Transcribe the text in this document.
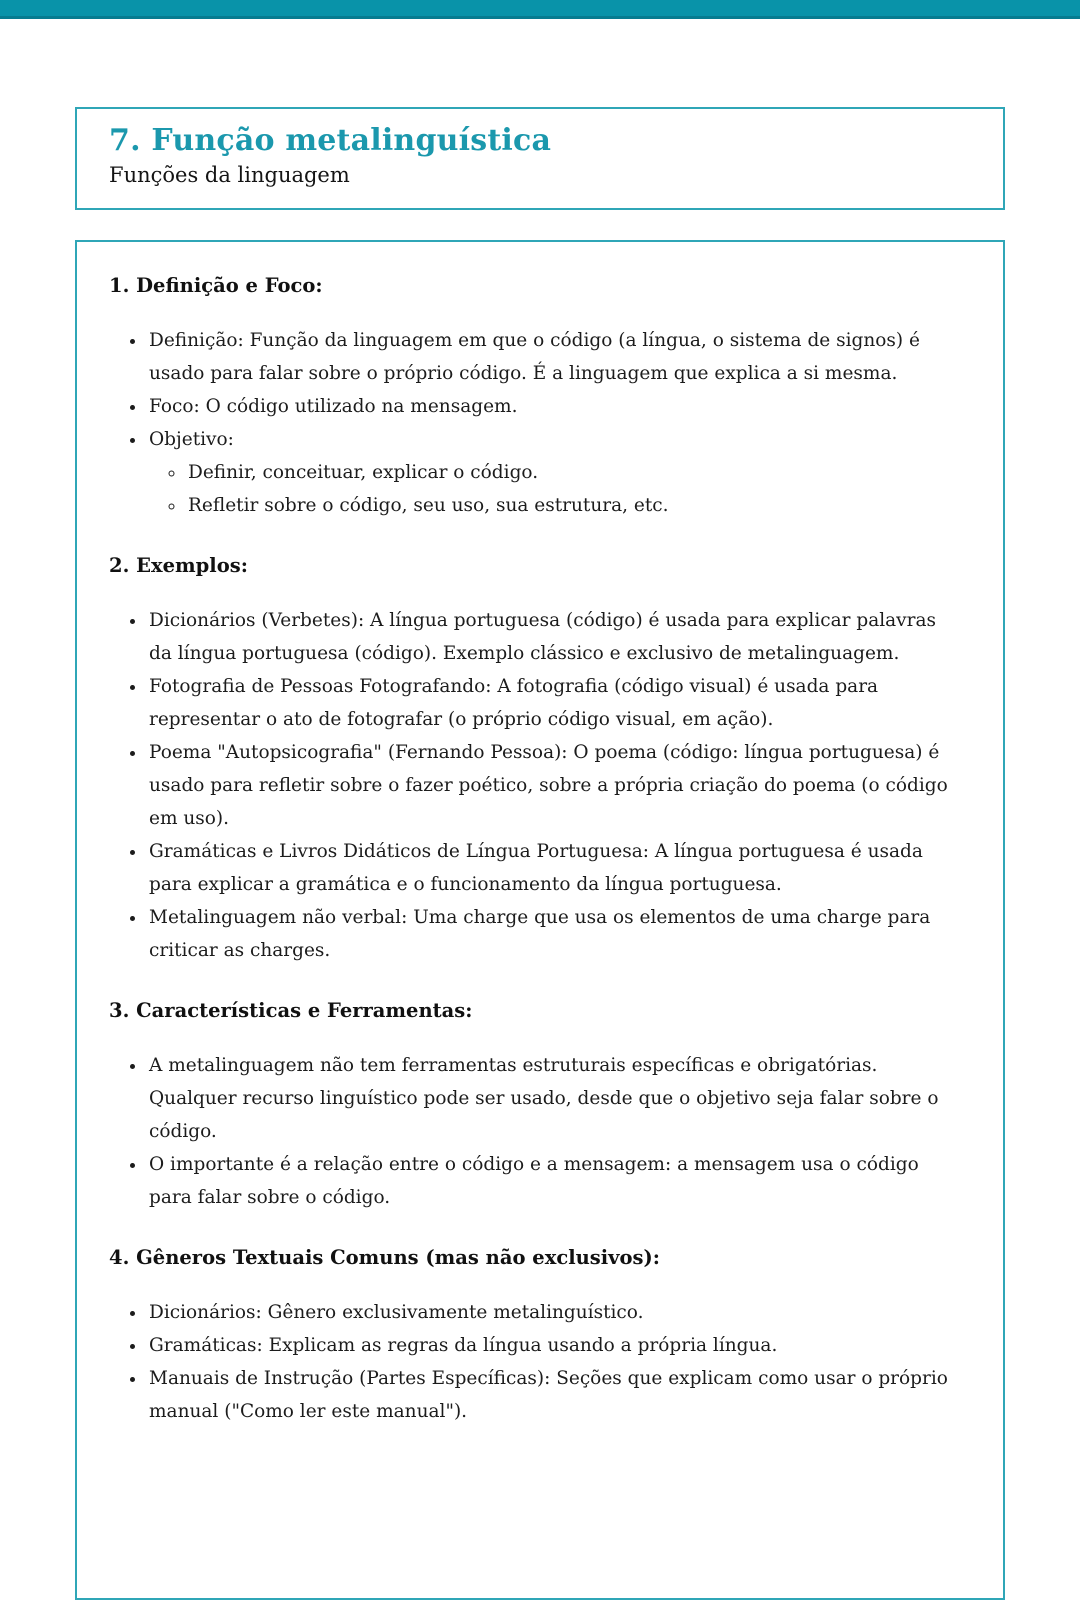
7. Função metalinguística
Funções da linguagem
1. Definição e Foco:
• Definição: Função da linguagem em que o código (a língua, o sistema de signos) é usado para falar sobre o próprio código. É a linguagem que explica a si mesma.
• Foco: O código utilizado na mensagem.
• Objetivo:
◦ Definir, conceituar, explicar o código.
◦ Refletir sobre o código, seu uso, sua estrutura, etc.
2. Exemplos:
• Dicionários (Verbetes): A língua portuguesa (código) é usada para explicar palavras da língua portuguesa (código). Exemplo clássico e exclusivo de metalinguagem.
• Fotografia de Pessoas Fotografando: A fotografia (código visual) é usada para representar o ato de fotografar (o próprio código visual, em ação).
• Poema "Autopsicografia" (Fernando Pessoa): O poema (código: língua portuguesa) é usado para refletir sobre o fazer poético, sobre a própria criação do poema (o código em uso).
• Gramáticas e Livros Didáticos de Língua Portuguesa: A língua portuguesa é usada para explicar a gramática e o funcionamento da língua portuguesa.
• Metalinguagem não verbal: Uma charge que usa os elementos de uma charge para criticar as charges.
3. Características e Ferramentas:
• A metalinguagem não tem ferramentas estruturais específicas e obrigatórias. Qualquer recurso linguístico pode ser usado, desde que o objetivo seja falar sobre o código.
• O importante é a relação entre o código e a mensagem: a mensagem usa o código para falar sobre o código.
4. Gêneros Textuais Comuns (mas não exclusivos):
• Dicionários: Gênero exclusivamente metalinguístico.
• Gramáticas: Explicam as regras da língua usando a própria língua.
• Manuais de Instrução (Partes Específicas): Seções que explicam como usar o próprio manual ("Como ler este manual").
